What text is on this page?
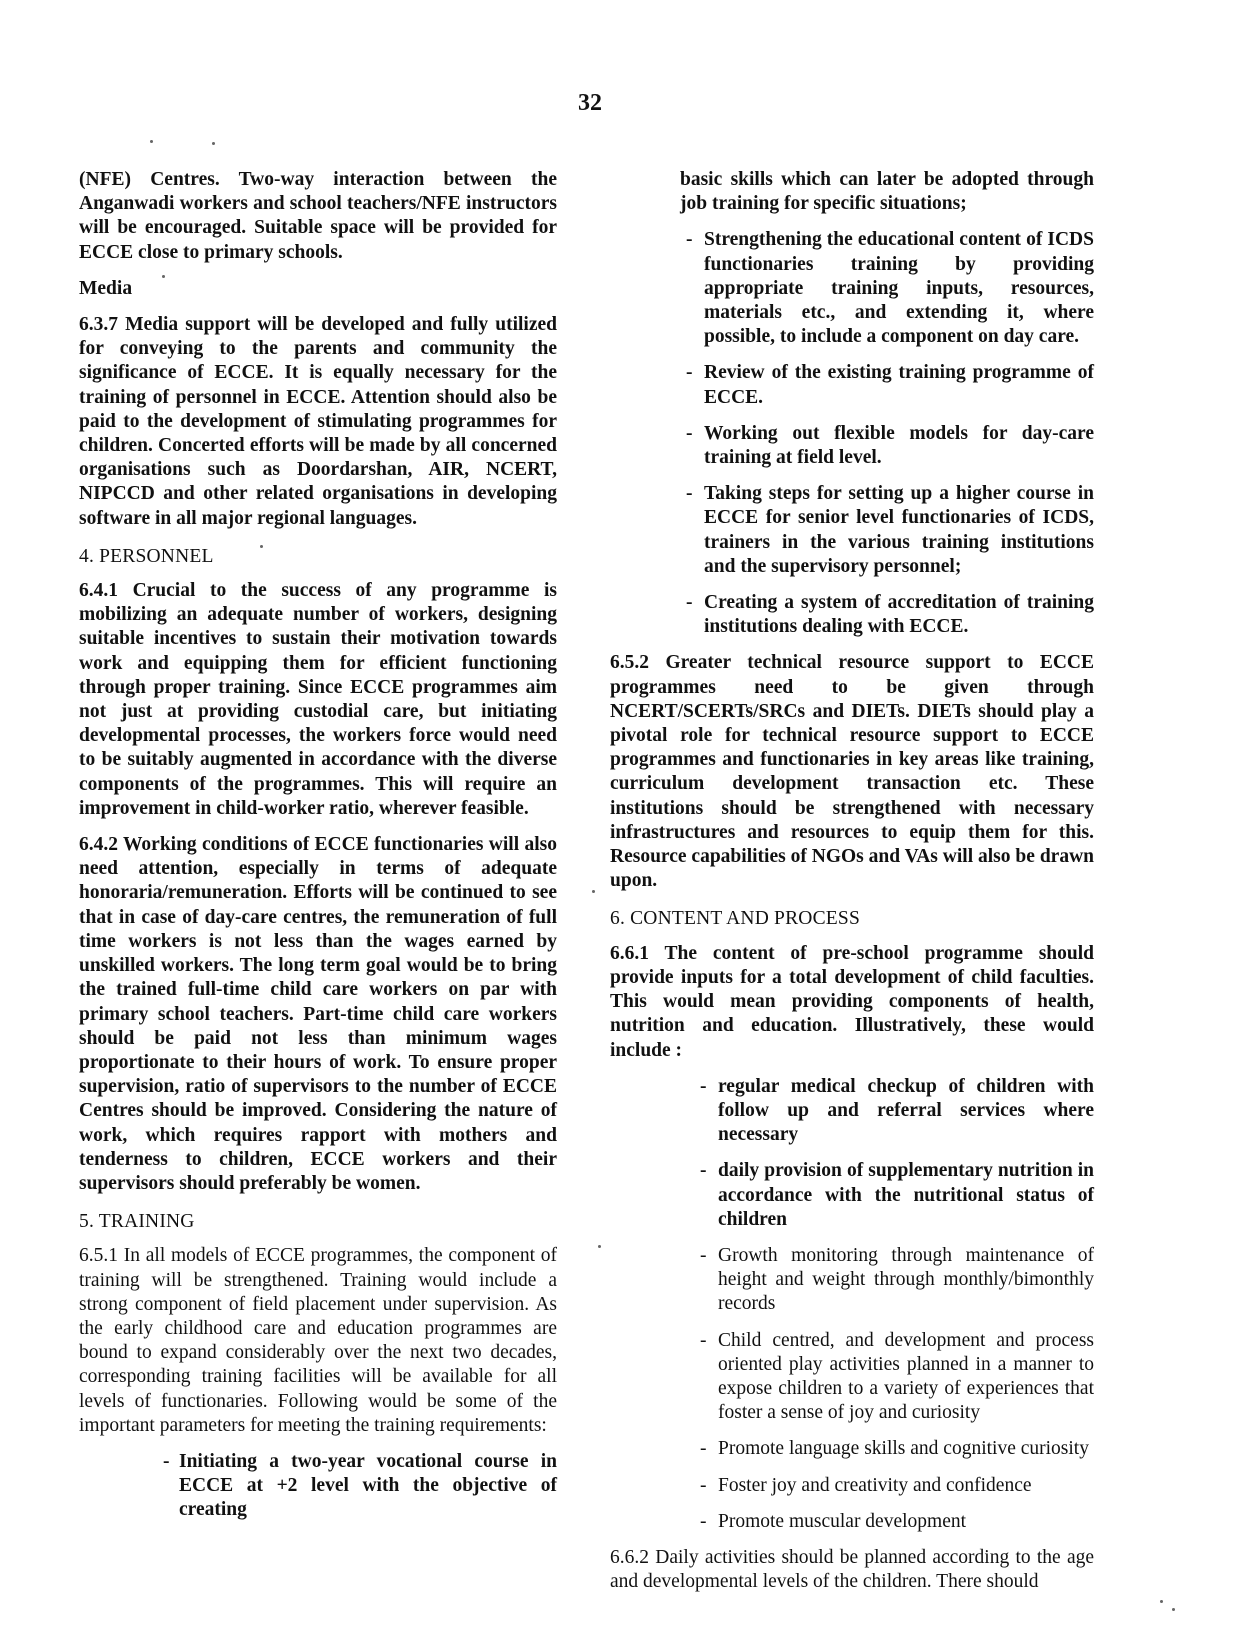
32

(NFE) Centres. Two-way interaction between the Anganwadi workers and school teachers/NFE instructors will be encouraged. Suitable space will be provided for ECCE close to primary schools.

Media

6.3.7 Media support will be developed and fully utilized for conveying to the parents and community the significance of ECCE. It is equally necessary for the training of personnel in ECCE. Attention should also be paid to the development of stimulating programmes for children. Concerted efforts will be made by all concerned organisations such as Doordarshan, AIR, NCERT, NIPCCD and other related organisations in developing software in all major regional languages.

4. PERSONNEL

6.4.1 Crucial to the success of any programme is mobilizing an adequate number of workers, designing suitable incentives to sustain their motivation towards work and equipping them for efficient functioning through proper training. Since ECCE programmes aim not just at providing custodial care, but initiating developmental processes, the workers force would need to be suitably augmented in accordance with the diverse components of the programmes. This will require an improvement in child-worker ratio, wherever feasible.

6.4.2 Working conditions of ECCE functionaries will also need attention, especially in terms of adequate honoraria/remuneration. Efforts will be continued to see that in case of day-care centres, the remuneration of full time workers is not less than the wages earned by unskilled workers. The long term goal would be to bring the trained full-time child care workers on par with primary school teachers. Part-time child care workers should be paid not less than minimum wages proportionate to their hours of work. To ensure proper supervision, ratio of supervisors to the number of ECCE Centres should be improved. Considering the nature of work, which requires rapport with mothers and tenderness to children, ECCE workers and their supervisors should preferably be women.

5. TRAINING

6.5.1 In all models of ECCE programmes, the component of training will be strengthened. Training would include a strong component of field placement under supervision. As the early childhood care and education programmes are bound to expand considerably over the next two decades, corresponding training facilities will be available for all levels of functionaries. Following would be some of the important parameters for meeting the training requirements:

- Initiating a two-year vocational course in ECCE at +2 level with the objective of creating

basic skills which can later be adopted through job training for specific situations;

- Strengthening the educational content of ICDS functionaries training by providing appropriate training inputs, resources, materials etc., and extending it, where possible, to include a component on day care.
- Review of the existing training programme of ECCE.
- Working out flexible models for day-care training at field level.
- Taking steps for setting up a higher course in ECCE for senior level functionaries of ICDS, trainers in the various training institutions and the supervisory personnel;
- Creating a system of accreditation of training institutions dealing with ECCE.

6.5.2 Greater technical resource support to ECCE programmes need to be given through NCERT/SCERTs/SRCs and DIETs. DIETs should play a pivotal role for technical resource support to ECCE programmes and functionaries in key areas like training, curriculum development transaction etc. These institutions should be strengthened with necessary infrastructures and resources to equip them for this. Resource capabilities of NGOs and VAs will also be drawn upon.

6. CONTENT AND PROCESS

6.6.1 The content of pre-school programme should provide inputs for a total development of child faculties. This would mean providing components of health, nutrition and education. Illustratively, these would include :

- regular medical checkup of children with follow up and referral services where necessary
- daily provision of supplementary nutrition in accordance with the nutritional status of children
- Growth monitoring through maintenance of height and weight through monthly/bimonthly records
- Child centred, and development and process oriented play activities planned in a manner to expose children to a variety of experiences that foster a sense of joy and curiosity
- Promote language skills and cognitive curiosity
- Foster joy and creativity and confidence
- Promote muscular development

6.6.2 Daily activities should be planned according to the age and developmental levels of the children. There should
